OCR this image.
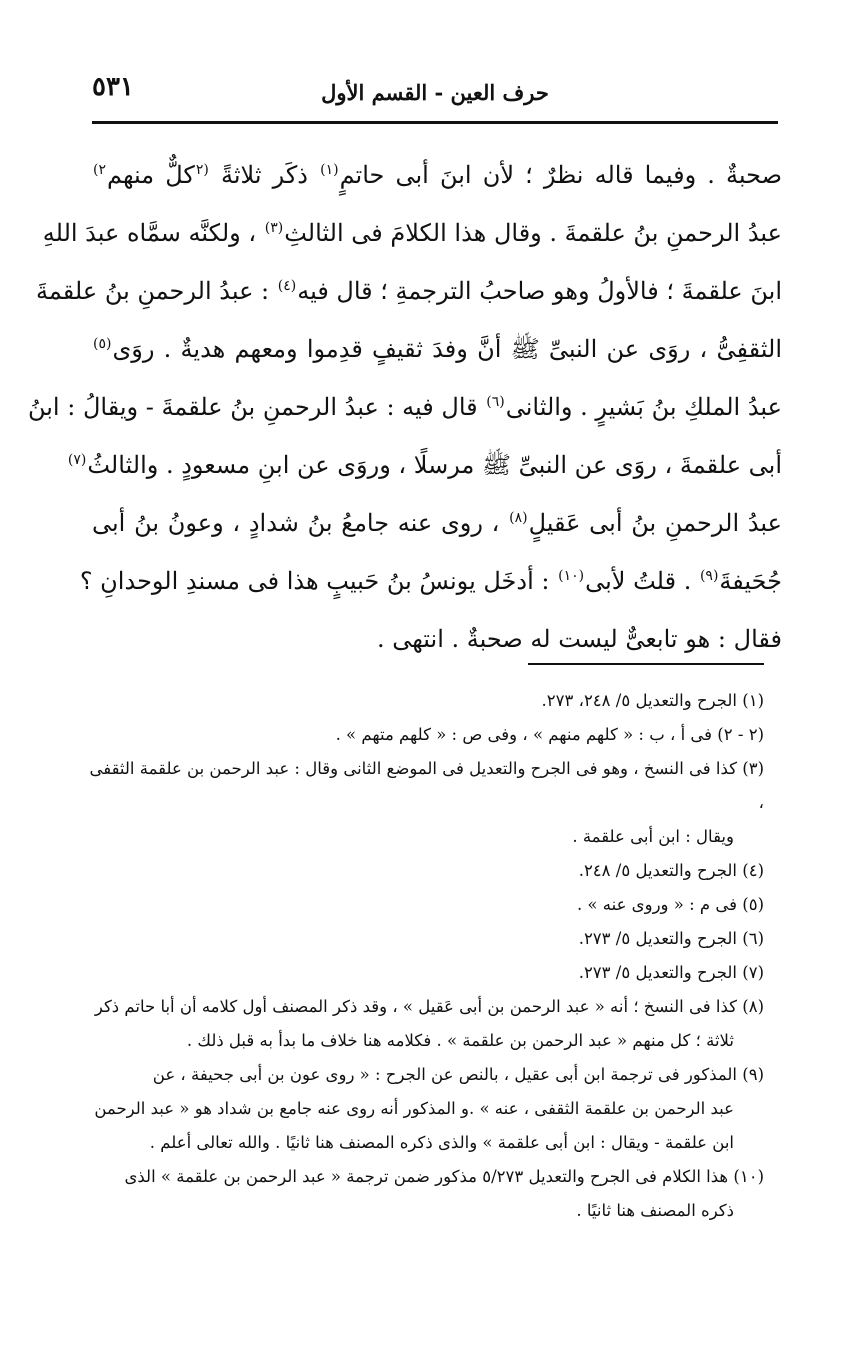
٥٣١	حرف العين - القسم الأول
صحبةٌ . وفيما قاله نظرٌ ؛ لأن ابنَ أبى حاتمٍ$^{(١)}$ ذكَر ثلاثةً $^{(٢}$كلٌّ منهم$^{٢)}$
عبدُ الرحمنِ بنُ علقمةَ . وقال هذا الكلامَ فى الثالثِ$^{(٣)}$ ، ولكنَّه سمَّاه عبدَ اللهِ
ابنَ علقمةَ ؛ فالأولُ وهو صاحبُ الترجمةِ ؛ قال فيه$^{(٤)}$ : عبدُ الرحمنِ بنُ علقمةَ
الثقفِىُّ ، روَى عن النبىِّ ﷺ أنَّ وفدَ ثقيفٍ قدِموا ومعهم هديةٌ . روَى$^{(٥)}$
عبدُ الملكِ بنُ بَشيرٍ . والثانى$^{(٦)}$ قال فيه : عبدُ الرحمنِ بنُ علقمةَ - ويقالُ : ابنُ
أبى علقمةَ ، روَى عن النبىِّ ﷺ مرسلًا ، وروَى عن ابنِ مسعودٍ . والثالثُ$^{(٧)}$
عبدُ الرحمنِ بنُ أبى عَقيلٍ$^{(٨)}$ ، روى عنه جامعُ بنُ شدادٍ ، وعونُ بنُ أبى
جُحَيفةَ$^{(٩)}$ . قلتُ لأبى$^{(١٠)}$ : أدخَل يونسُ بنُ حَبيبٍ هذا فى مسندِ الوحدانِ ؟
فقال : هو تابعىٌّ ليست له صحبةٌ . انتهى .
(١) الجرح والتعديل ٥/ ٢٤٨، ٢٧٣.
(٢ - ٢) فى أ ، ب : « كلهم منهم » ، وفى ص : « كلهم متهم » .
(٣) كذا فى النسخ ، وهو فى الجرح والتعديل فى الموضع الثانى وقال : عبد الرحمن بن علقمة الثقفى ،
ويقال : ابن أبى علقمة .
(٤) الجرح والتعديل ٥/ ٢٤٨.
(٥) فى م : « وروى عنه » .
(٦) الجرح والتعديل ٥/ ٢٧٣.
(٧) الجرح والتعديل ٥/ ٢٧٣.
(٨) كذا فى النسخ ؛ أنه « عبد الرحمن بن أبى عَقيل » ، وقد ذكر المصنف أول كلامه أن أبا حاتم ذكر
ثلاثة ؛ كل منهم « عبد الرحمن بن علقمة » . فكلامه هنا خلاف ما بدأ به قبل ذلك .
(٩) المذكور فى ترجمة ابن أبى عقيل ، بالنص عن الجرح : « روى عون بن أبى جحيفة ، عن
عبد الرحمن بن علقمة الثقفى ، عنه » .و المذكور أنه روى عنه جامع بن شداد هو « عبد الرحمن ابن علقمة - ويقال : ابن أبى علقمة » والذى ذكره المصنف هنا ثانيًا . والله تعالى أعلم .
(١٠) هذا الكلام فى الجرح والتعديل ٥/٢٧٣ مذكور ضمن ترجمة « عبد الرحمن بن علقمة » الذى
ذكره المصنف هنا ثانيًا .
